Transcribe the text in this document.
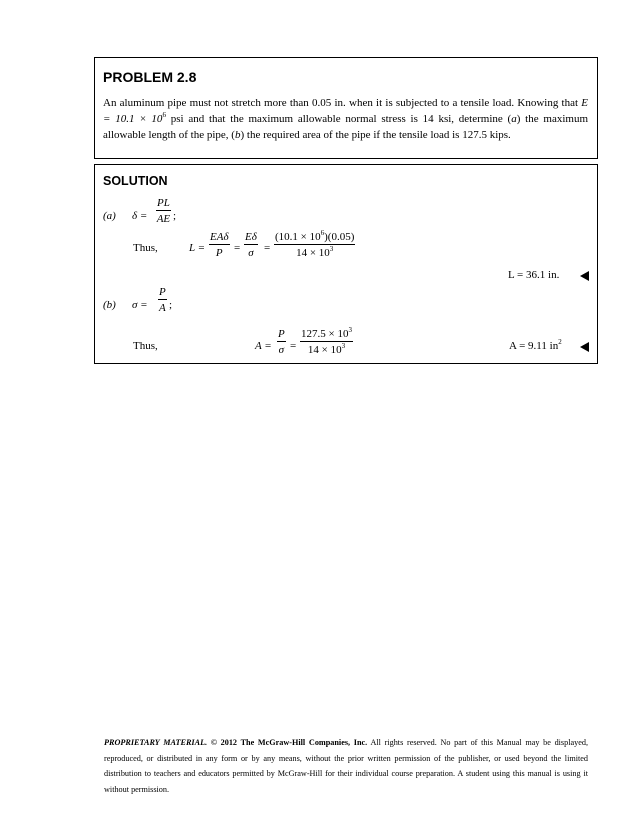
PROBLEM 2.8
An aluminum pipe must not stretch more than 0.05 in. when it is subjected to a tensile load. Knowing that $E = 10.1 \times 10^6$ psi and that the maximum allowable normal stress is 14 ksi, determine (a) the maximum allowable length of the pipe, (b) the required area of the pipe if the tensile load is 127.5 kips.
SOLUTION
(a) $\delta = \frac{PL}{AE}$ ;
Thus,	L =
EAδ
$P = \frac{E\delta}{\sigma} = \frac{(10.1 \times 10^6)(0.05)}{14 \times 10^3}$
L = 36.1 in.
(b) $\sigma = \frac{P}{A}$ ;
Thus,	$A = \frac{P}{\sigma} = \frac{127.5 \times 10^3}{14 \times 10^3}$	A = 9.11 $in^2$
PROPRIETARY MATERIAL. © 2012 The McGraw-Hill Companies, Inc. All rights reserved. No part of this Manual may be displayed, reproduced, or distributed in any form or by any means, without the prior written permission of the publisher, or used beyond the limited distribution to teachers and educators permitted by McGraw-Hill for their individual course preparation. A student using this manual is using it without permission.
